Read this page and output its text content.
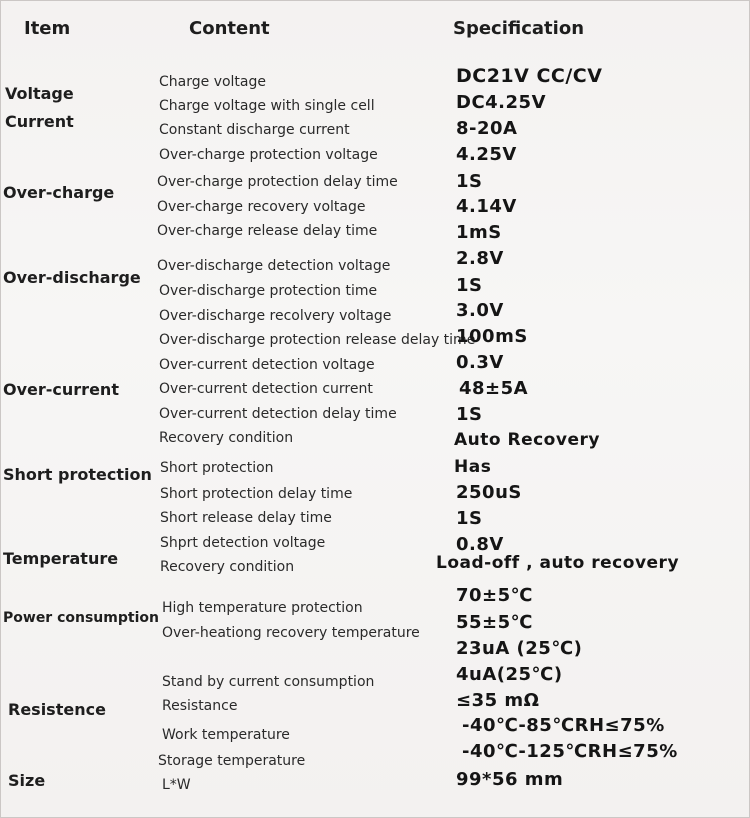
Item	Content	Specification
Voltage
Current
Over-charge
Over-discharge
Over-current
Short protection
Temperature
Power consumption
Resistence
Size
Charge voltage
Charge voltage with single cell
Constant discharge current
Over-charge protection voltage
Over-charge protection delay time
Over-charge recovery voltage
Over-charge release delay time
Over-discharge detection voltage
Over-discharge protection time
Over-discharge recolvery voltage
Over-discharge protection release delay time
Over-current detection voltage
Over-current detection current
Over-current detection delay time
Recovery condition
Short protection
Short protection delay time
Short release delay time
Shprt detection voltage
Recovery condition
High temperature protection
Over-heationg recovery temperature
Stand by current consumption
Resistance
Work temperature
Storage temperature
L*W
DC21V CC/CV
DC4.25V
8-20A
4.25V
1S
4.14V
1mS
2.8V
1S
3.0V
100mS
0.3V
48±5A
1S
Auto Recovery
Has
250uS
1S
0.8V
Load-off , auto recovery
70±5℃
55±5℃
23uA (25℃)
4uA(25℃)
≤35 mΩ
-40℃-85℃RH≤75%
-40℃-125℃RH≤75%
99*56 mm
